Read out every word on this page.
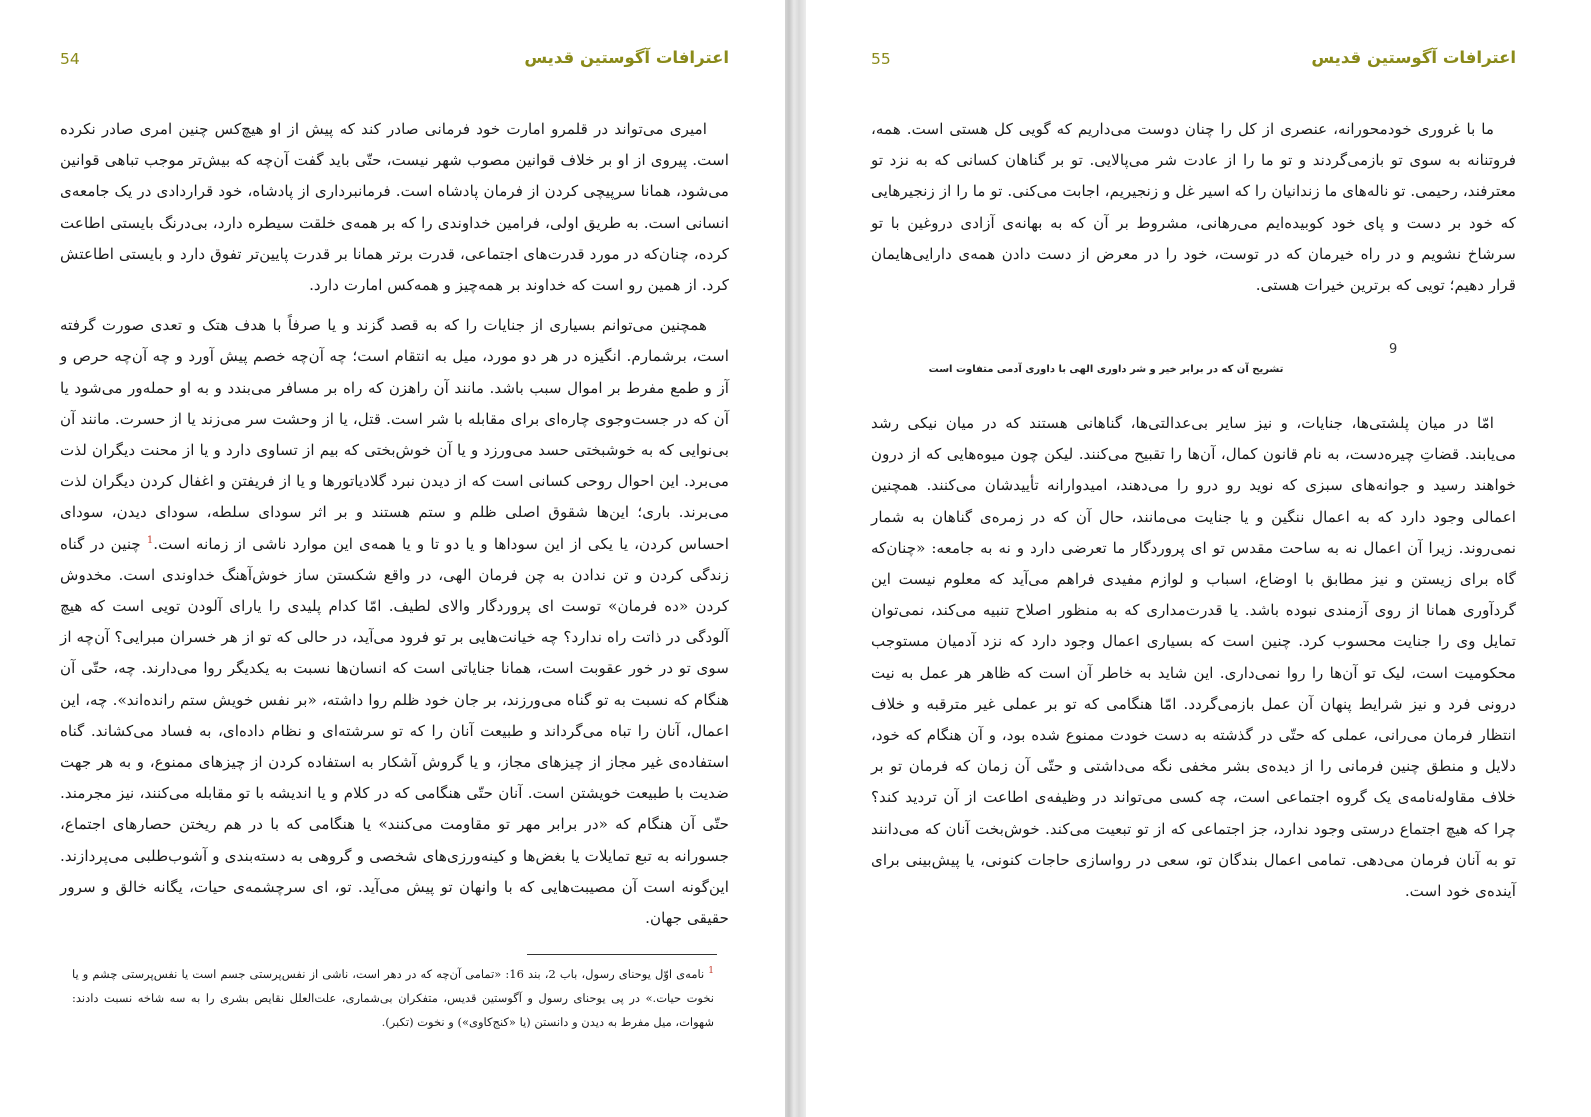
اعترافات آگوستین قدیس
54

امیری می‌تواند در قلمرو امارت خود فرمانی صادر کند که پیش از او هیچ‌کس چنین امری صادر نکرده است. پیروی از او بر خلاف قوانین مصوب شهر نیست، حتّی باید گفت آن‌چه که بیش‌تر موجب تباهی قوانین می‌شود، همانا سرپیچی کردن از فرمان پادشاه است. فرمانبرداری از پادشاه، خود قراردادی در یک جامعه‌ی انسانی است. به طریق اولی، فرامین خداوندی را که بر همه‌ی خلقت سیطره دارد، بی‌درنگ بایستی اطاعت کرده، چنان‌که در مورد قدرت‌های اجتماعی، قدرت برتر همانا بر قدرت پایین‌تر تفوق دارد و بایستی اطاعتش کرد. از همین رو است که خداوند بر همه‌چیز و همه‌کس امارت دارد.

همچنین می‌توانم بسیاری از جنایات را که به قصد گزند و یا صرفاً با هدف هتک و تعدی صورت گرفته است، برشمارم. انگیزه در هر دو مورد، میل به انتقام است؛ چه آن‌چه خصم پیش آورد و چه آن‌چه حرص و آز و طمع مفرط بر اموال سبب باشد. مانند آن راهزن که راه بر مسافر می‌بندد و به او حمله‌ور می‌شود یا آن که در جست‌وجوی چاره‌ای برای مقابله با شر است. قتل، یا از وحشت سر می‌زند یا از حسرت. مانند آن بی‌نوایی که به خوشبختی حسد می‌ورزد و یا آن خوش‌بختی که بیم از تساوی دارد و یا از محنت دیگران لذت می‌برد. این احوال روحی کسانی است که از دیدن نبرد گلادیاتورها و یا از فریفتن و اغفال کردن دیگران لذت می‌برند. باری؛ این‌ها شقوق اصلی ظلم و ستم هستند و بر اثر سودای سلطه، سودای دیدن، سودای احساس کردن، یا یکی از این سوداها و یا دو تا و یا همه‌ی این موارد ناشی از زمانه است.$^1$ چنین در گناه زندگی کردن و تن ندادن به چن فرمان الهی، در واقع شکستن ساز خوش‌آهنگ خداوندی است. مخدوش کردن «ده فرمان» توست ای پروردگار والای لطیف. امّا کدام پلیدی را یارای آلودن تویی است که هیچ آلودگی در ذاتت راه ندارد؟ چه خیانت‌هایی بر تو فرود می‌آید، در حالی که تو از هر خسران مبرایی؟ آن‌چه از سوی تو در خور عقوبت است، همانا جنایاتی است که انسان‌ها نسبت به یکدیگر روا می‌دارند. چه، حتّی آن هنگام که نسبت به تو گناه می‌ورزند، بر جان خود ظلم روا داشته، «بر نفس خویش ستم رانده‌اند». چه، این اعمال، آنان را تباه می‌گرداند و طبیعت آنان را که تو سرشته‌ای و نظام داده‌ای، به فساد می‌کشاند. گناه استفاده‌ی غیر مجاز از چیزهای مجاز، و یا گروش آشکار به استفاده کردن از چیزهای ممنوع، و به هر جهت ضدیت با طبیعت خویشتن است. آنان حتّی هنگامی که در کلام و یا اندیشه با تو مقابله می‌کنند، نیز مجرمند. حتّی آن هنگام که «در برابر مهر تو مقاومت می‌کنند» یا هنگامی که با در هم ریختن حصارهای اجتماع، جسورانه به تبع تمایلات یا بغض‌ها و کینه‌ورزی‌های شخصی و گروهی به دسته‌بندی و آشوب‌طلبی می‌پردازند. این‌گونه است آن مصیبت‌هایی که با وانهان تو پیش می‌آید. تو، ای سرچشمه‌ی حیات، یگانه خالق و سرور حقیقی جهان.

$^1$ نامه‌ی اوّل یوحنای رسول، باب 2، بند 16: «تمامی آن‌چه که در دهر است، ناشی از نفس‌پرستی جسم است یا نفس‌پرستی چشم و یا نخوت حیات.» در پی یوحنای رسول و آگوستین قدیس، متفکران بی‌شماری، علت‌العلل نقایص بشری را به سه شاخه نسبت دادند: شهوات، میل مفرط به دیدن و دانستن (یا «کنج‌کاوی») و نخوت (تکبر).
اعترافات آگوستین قدیس
55

ما با غروری خودمحورانه، عنصری از کل را چنان دوست می‌داریم که گویی کل هستی است. همه، فروتنانه به سوی تو بازمی‌گردند و تو ما را از عادت شر می‌پالایی. تو بر گناهان کسانی که به نزد تو معترفند، رحیمی. تو ناله‌های ما زندانیان را که اسیر غل و زنجیریم، اجابت می‌کنی. تو ما را از زنجیرهایی که خود بر دست و پای خود کوبیده‌ایم می‌رهانی، مشروط بر آن که به بهانه‌ی آزادی دروغین با تو سرشاخ نشویم و در راه خیرمان که در توست، خود را در معرض از دست دادن همه‌ی دارایی‌هایمان قرار دهیم؛ تویی که برترین خیرات هستی.

9
تشریح آن که در برابر خیر و شر داوری الهی با داوری آدمی متفاوت است

امّا در میان پلشتی‌ها، جنایات، و نیز سایر بی‌عدالتی‌ها، گناهانی هستند که در میان نیکی رشد می‌یابند. قضاتِ چیره‌دست، به نام قانون کمال، آن‌ها را تقبیح می‌کنند. لیکن چون میوه‌هایی که از درون خواهند رسید و جوانه‌های سبزی که نوید رو درو را می‌دهند، امیدوارانه تأییدشان می‌کنند. همچنین اعمالی وجود دارد که به اعمال ننگین و یا جنایت می‌مانند، حال آن که در زمره‌ی گناهان به شمار نمی‌روند. زیرا آن اعمال نه به ساحت مقدس تو ای پروردگار ما تعرضی دارد و نه به جامعه: «چنان‌که گاه برای زیستن و نیز مطابق با اوضاع، اسباب و لوازم مفیدی فراهم می‌آید که معلوم نیست این گردآوری همانا از روی آزمندی نبوده باشد. یا قدرت‌مداری که به منظور اصلاح تنبیه می‌کند، نمی‌توان تمایل وی را جنایت محسوب کرد. چنین است که بسیاری اعمال وجود دارد که نزد آدمیان مستوجب محکومیت است، لیک تو آن‌ها را روا نمی‌داری. این شاید به خاطر آن است که ظاهر هر عمل به نیت درونی فرد و نیز شرایط پنهان آن عمل بازمی‌گردد. امّا هنگامی که تو بر عملی غیر مترقبه و خلاف انتظار فرمان می‌رانی، عملی که حتّی در گذشته به دست خودت ممنوع شده بود، و آن هنگام که خود، دلایل و منطق چنین فرمانی را از دیده‌ی بشر مخفی نگه می‌داشتی و حتّی آن زمان که فرمان تو بر خلاف مقاوله‌نامه‌ی یک گروه اجتماعی است، چه کسی می‌تواند در وظیفه‌ی اطاعت از آن تردید کند؟ چرا که هیچ اجتماع درستی وجود ندارد، جز اجتماعی که از تو تبعیت می‌کند. خوش‌بخت آنان که می‌دانند تو به آنان فرمان می‌دهی. تمامی اعمال بندگان تو، سعی در رواسازی حاجات کنونی، یا پیش‌بینی برای آینده‌ی خود است.
